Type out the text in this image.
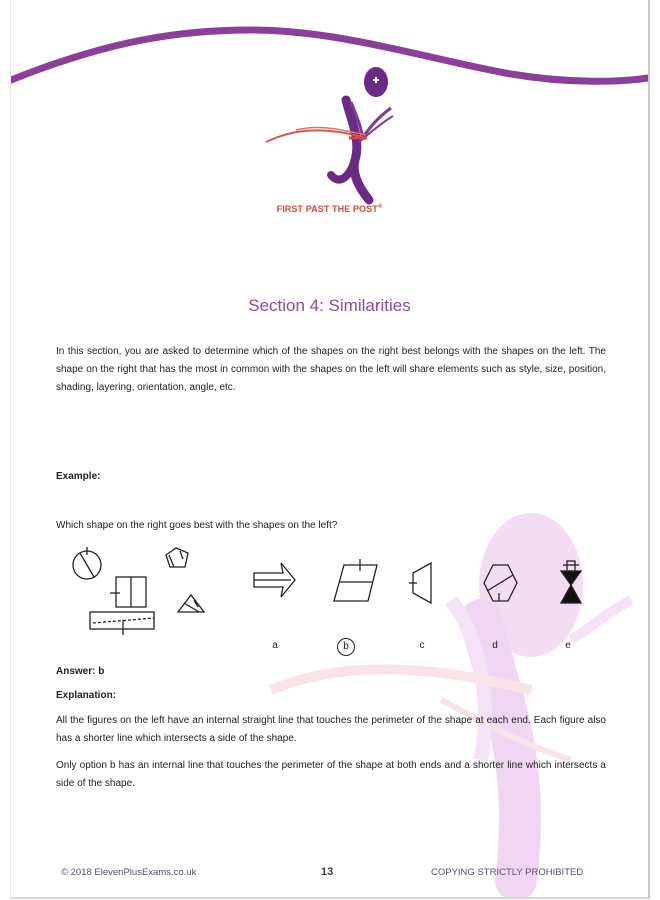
FIRST PAST THE POST®
Section 4: Similarities
In this section, you are asked to determine which of the shapes on the right best belongs with the shapes on the left. The shape on the right that has the most in common with the shapes on the left will share elements such as style, size, position, shading, layering, orientation, angle, etc.
Example:
Which shape on the right goes best with the shapes on the left?
a	b	c	d	e
Answer: b
Explanation:
All the figures on the left have an internal straight line that touches the perimeter of the shape at each end. Each figure also has a shorter line which intersects a side of the shape.
Only option b has an internal line that touches the perimeter of the shape at both ends and a shorter line which intersects a side of the shape.
© 2018 ElevenPlusExams.co.uk	13	COPYING STRICTLY PROHIBITED
